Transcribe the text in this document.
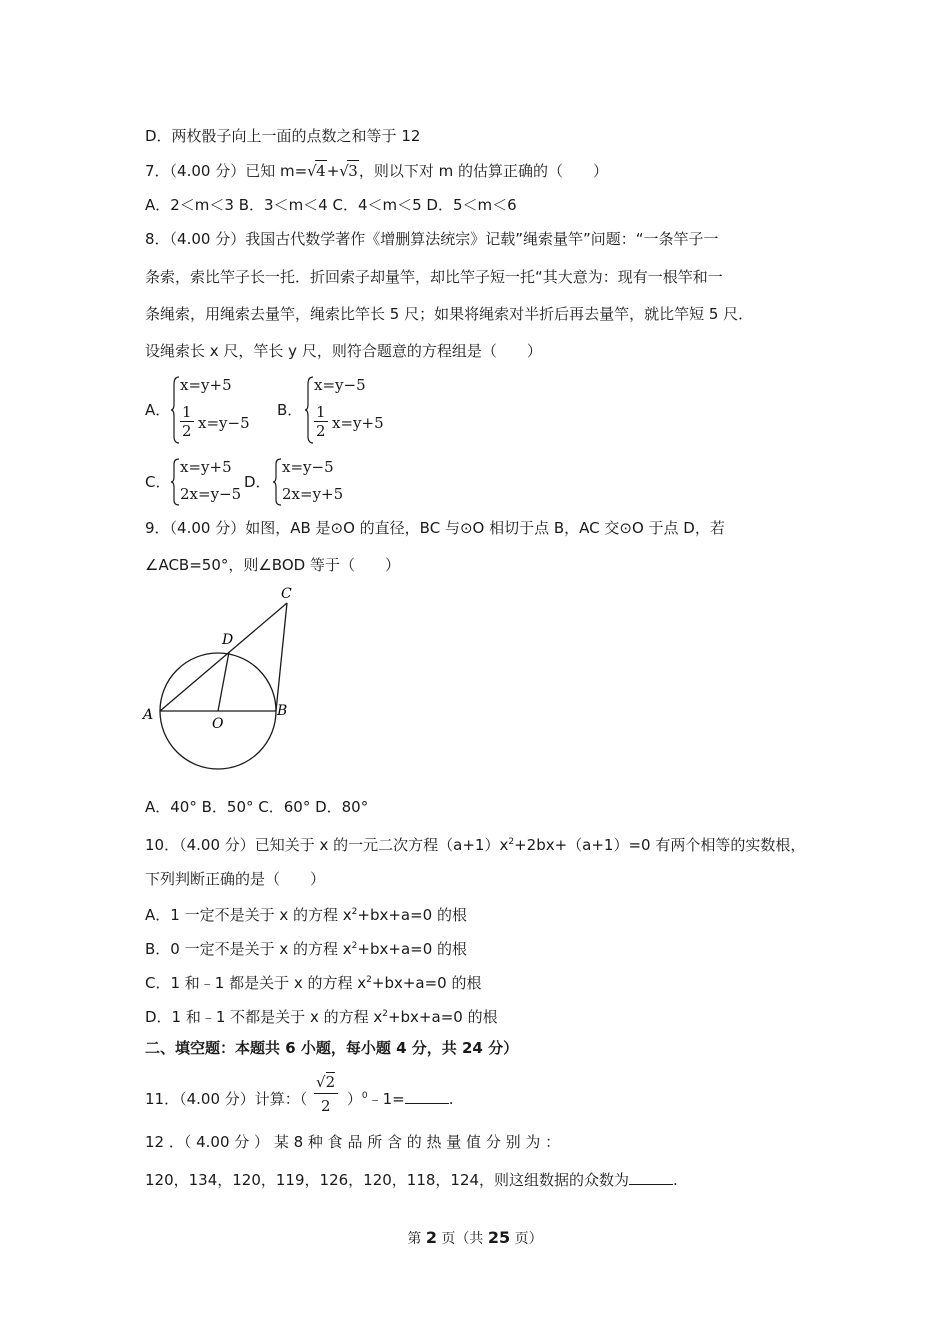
D．两枚骰子向上一面的点数之和等于 12
7．（4.00 分）已知 m= √ 4+ √ 3，则以下对 m 的估算正确的（　　）
A．2＜m＜3 B．3＜m＜4 C．4＜m＜5 D．5＜m＜6
8．（4.00 分）我国古代数学著作《增删算法统宗》记载”绳索量竿”问题：“一条竿子一
条索，索比竿子长一托．折回索子却量竿，却比竿子短一托“其大意为：现有一根竿和一
条绳索，用绳索去量竿，绳索比竿长 5 尺；如果将绳索对半折后再去量竿，就比竿短 5 尺．
设绳索长 x 尺，竿长 y 尺，则符合题意的方程组是（　　）
A．
x=y+5
$\frac{1}{2} x=y-5$
B．
x=y−5
$\frac{1}{2} x=y+5$
C．
x=y+5
2x=y−5
D．
x=y−5
2x=y+5
9．（4.00 分）如图，AB 是⊙O 的直径，BC 与⊙O 相切于点 B，AC 交⊙O 于点 D，若
∠ACB=50°，则∠BOD 等于（　　）
C
D
A
O
B
A．40° B．50° C．60° D．80°
10．（4.00 分）已知关于 x 的一元二次方程$(a+1)x^2+2bx+(a+1)=0$ 有两个相等的实数根，
下列判断正确的是（　　）
A．1 一定不是关于 x 的方程 $x^2+bx+a=0$ 的根
B．0 一定不是关于 x 的方程 $x^2+bx+a=0$ 的根
C．1 和﹣1 都是关于 x 的方程 $x^2+bx+a=0$ 的根
D．1 和﹣1 不都是关于 x 的方程 $x^2+bx+a=0$ 的根
二、填空题：本题共 6 小题，每小题 4 分，共 24 分）
11．（4.00 分）计算：（ $\frac{√2}{2}$ ）$^0$﹣1=	.
12 ．（ 4.00 分 ） 某 8 种 食 品 所 含 的 热 量 值 分 别 为 ：
120，134，120，119，126，120，118，124，则这组数据的众数为	.
第 2 页（共 25 页）
